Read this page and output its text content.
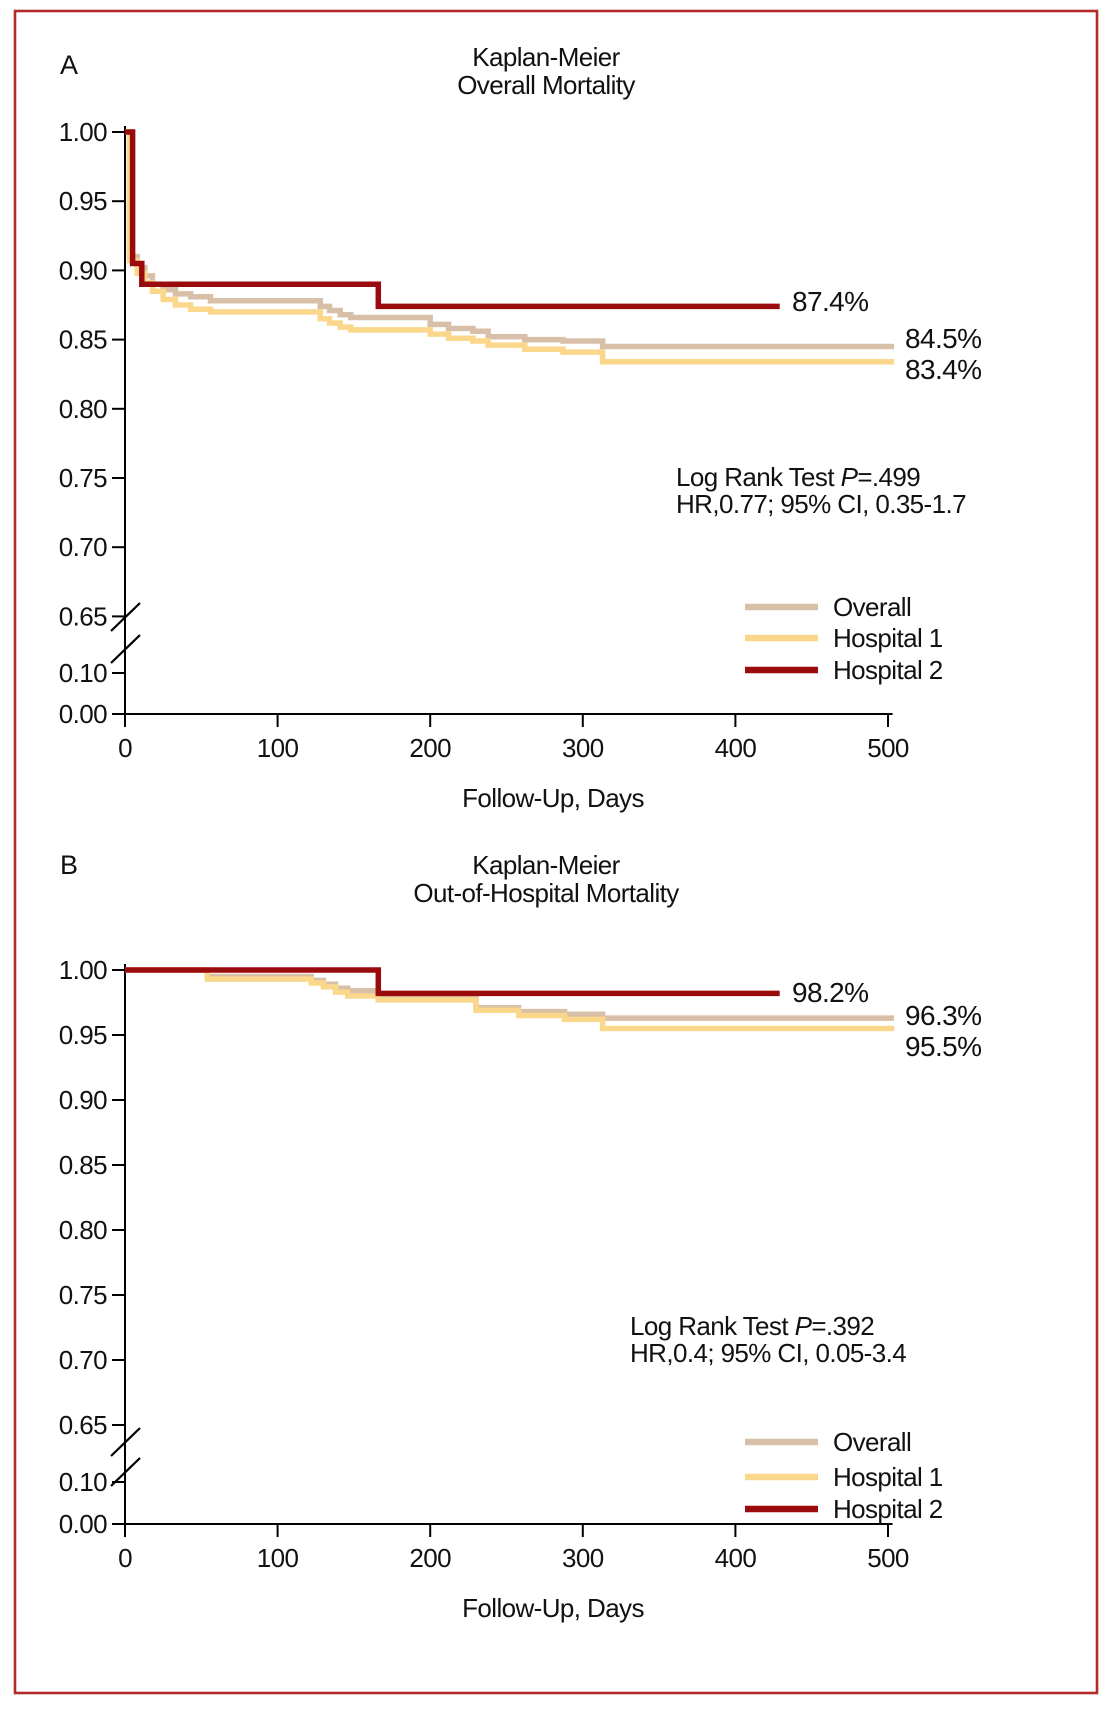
A	Kaplan-Meier
Overall Mortality
Log Rank Test P=.499
HR,0.77; 95% CI, 0.35-1.7
Follow-Up, Days
1.00
0.95
0.90
0.85
0.80
0.75
0.70
0.65
0.10
0.00
0	100	200	300	400	500
84.5%
83.4%
87.4%
Overall
Hospital 1
Hospital 2
B	Kaplan-Meier
Out-of-Hospital Mortality
Log Rank Test P=.392
HR,0.4; 95% CI, 0.05-3.4
Follow-Up, Days
1.00
0.95
0.90
0.85
0.80
0.75
0.70
0.65
0.10
0.00
0	100	200	300	400	500
96.3%
95.5%
98.2%
Overall
Hospital 1
Hospital 2
